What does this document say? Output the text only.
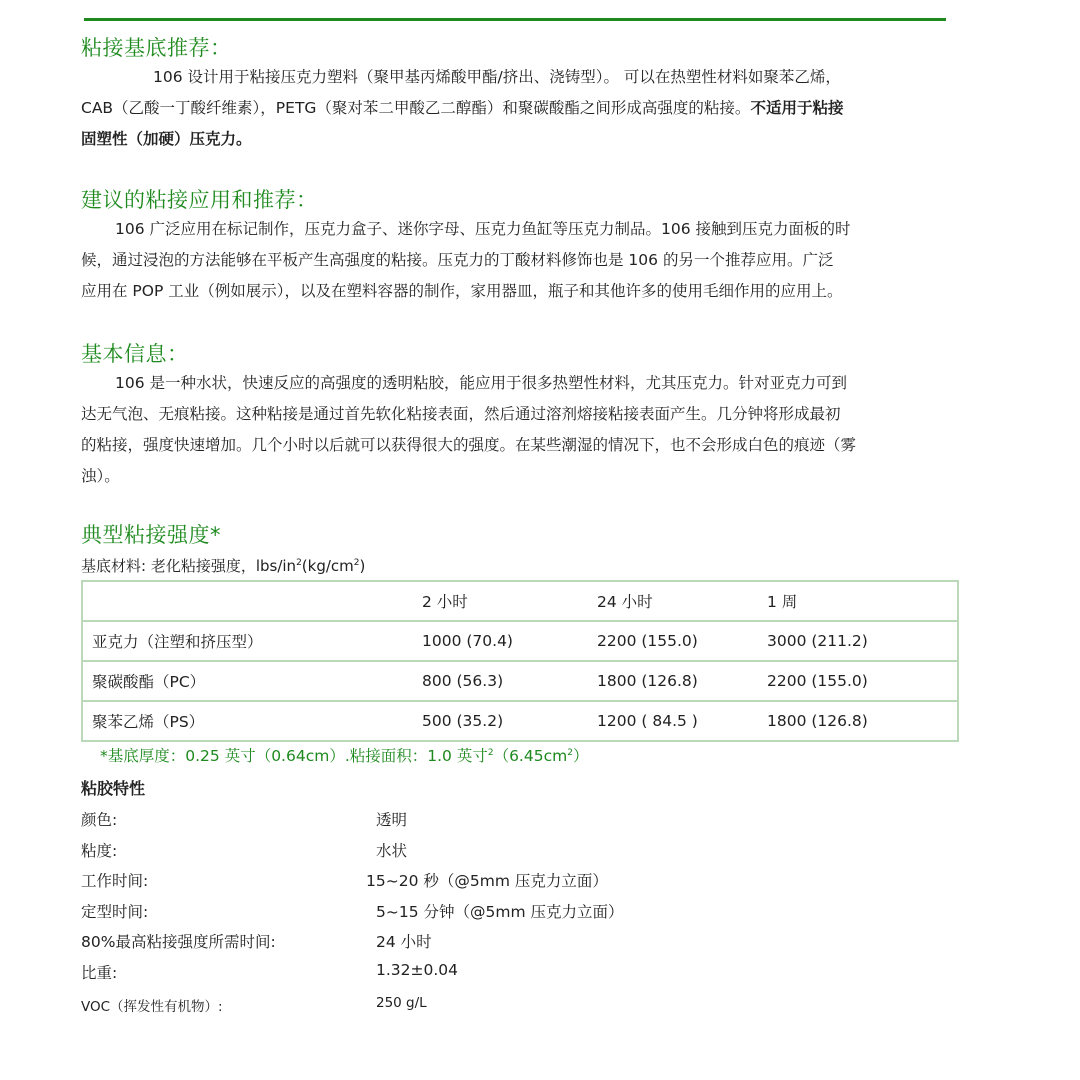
粘接基底推荐：
106 设计用于粘接压克力塑料（聚甲基丙烯酸甲酯/挤出、浇铸型）。 可以在热塑性材料如聚苯乙烯，
CAB（乙酸一丁酸纤维素），PETG（聚对苯二甲酸乙二醇酯）和聚碳酸酯之间形成高强度的粘接。不适用于粘接
固塑性（加硬）压克力。
建议的粘接应用和推荐：
106 广泛应用在标记制作，压克力盒子、迷你字母、压克力鱼缸等压克力制品。106 接触到压克力面板的时
候，通过浸泡的方法能够在平板产生高强度的粘接。压克力的丁酸材料修饰也是 106 的另一个推荐应用。广泛
应用在 POP 工业（例如展示），以及在塑料容器的制作，家用器皿，瓶子和其他许多的使用毛细作用的应用上。
基本信息：
106 是一种水状，快速反应的高强度的透明粘胶，能应用于很多热塑性材料，尤其压克力。针对亚克力可到
达无气泡、无痕粘接。这种粘接是通过首先软化粘接表面，然后通过溶剂熔接粘接表面产生。几分钟将形成最初
的粘接，强度快速增加。几个小时以后就可以获得很大的强度。在某些潮湿的情况下，也不会形成白色的痕迹（雾
浊）。
典型粘接强度*
基底材料: 老化粘接强度，lbs/$in^2(kg/cm^2)$
	2 小时	24 小时	1 周
亚克力（注塑和挤压型）	1000 (70.4)	2200 (155.0)	3000 (211.2)
聚碳酸酯（PC）	800 (56.3)	1800 (126.8)	2200 (155.0)
聚苯乙烯（PS）	500 (35.2)	1200 ( 84.5 )	1800 (126.8)
*基底厚度：0.25 英寸（0.64cm）.粘接面积：1.0 英寸$^2(6.45cm^2)$
粘胶特性
颜色:	透明
粘度:	水状
工作时间:	15~20 秒（@5mm 压克力立面）
定型时间:	5~15 分钟（@5mm 压克力立面）
80%最高粘接强度所需时间:	24 小时
比重:	1.32±0.04
VOC（挥发性有机物）:	250 g/L
